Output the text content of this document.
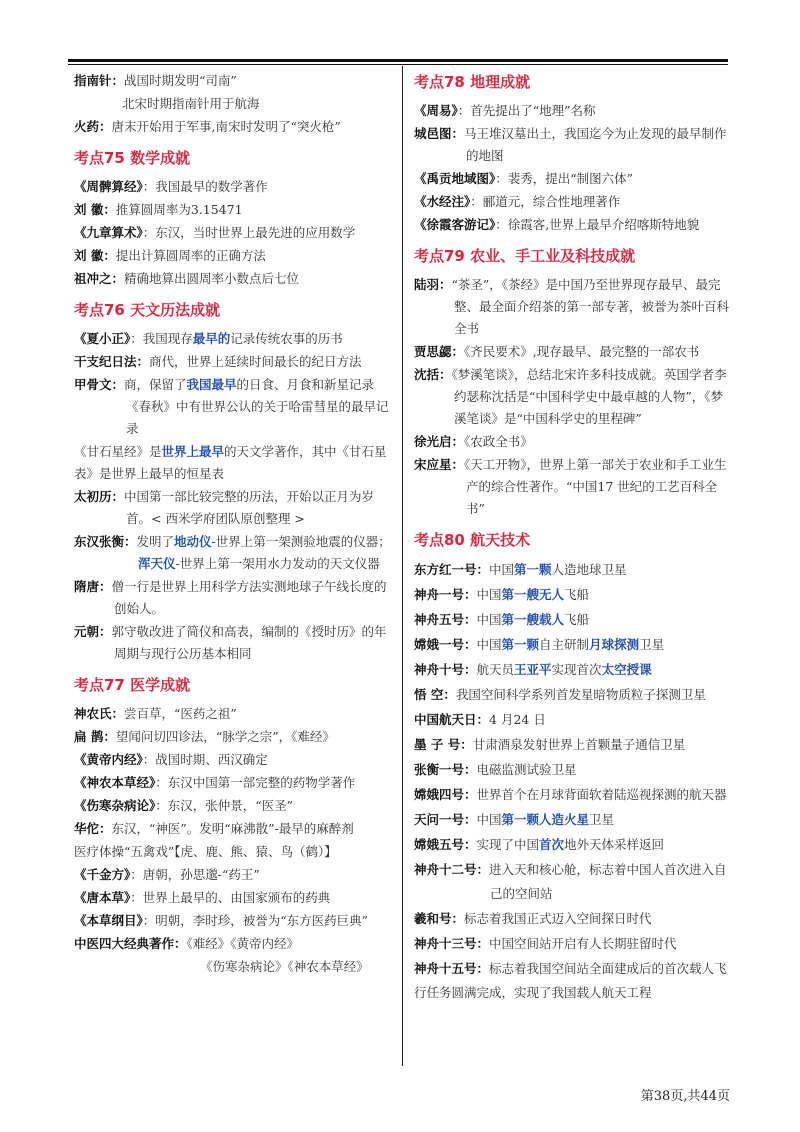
指南针：战国时期发明“司南”
北宋时期指南针用于航海
火药：唐末开始用于军事,南宋时发明了“突火枪”
考点75 数学成就
《周髀算经》：我国最早的数学著作
刘 徽：推算圆周率为3.15471
《九章算术》：东汉，当时世界上最先进的应用数学
刘 徽：提出计算圆周率的正确方法
祖冲之：精确地算出圆周率小数点后七位
考点76 天文历法成就
《夏小正》：我国现存最早的记录传统农事的历书
干支纪日法：商代，世界上延续时间最长的纪日方法
甲骨文：商，保留了我国最早的日食、月食和新星记录《春秋》中有世界公认的关于哈雷彗星的最早记录
《甘石星经》是世界上最早的天文学著作，其中《甘石星表》是世界上最早的恒星表
太初历：中国第一部比较完整的历法，开始以正月为岁首。< 西米学府团队原创整理 >
东汉张衡：发明了地动仪-世界上第一架测验地震的仪器；浑天仪-世界上第一架用水力发动的天文仪器
隋唐：僧一行是世界上用科学方法实测地球子午线长度的创始人。
元朝：郭守敬改进了简仪和高表，编制的《授时历》的年周期与现行公历基本相同
考点77 医学成就
神农氏：尝百草，“医药之祖”
扁 鹊：望闻问切四诊法，“脉学之宗”，《难经》
《黄帝内经》：战国时期、西汉确定
《神农本草经》：东汉中国第一部完整的药物学著作
《伤寒杂病论》：东汉，张仲景，“医圣”
华佗：东汉，“神医”。发明“麻沸散”-最早的麻醉剂
医疗体操“五禽戏”【虎、鹿、熊、猿、鸟（鹤）】
《千金方》：唐朝，孙思邈-“药王”
《唐本草》：世界上最早的、由国家颁布的药典
《本草纲目》：明朝，李时珍，被誉为“东方医药巨典”
中医四大经典著作：《难经》《黄帝内经》
《伤寒杂病论》《神农本草经》
考点78 地理成就
《周易》：首先提出了“地理”名称
城邑图：马王堆汉墓出土，我国迄今为止发现的最早制作的地图
《禹贡地域图》：裴秀，提出“制图六体”
《水经注》：郦道元，综合性地理著作
《徐霞客游记》：徐霞客,世界上最早介绍喀斯特地貌
考点79 农业、手工业及科技成就
陆羽：“茶圣”，《茶经》是中国乃至世界现存最早、最完整、最全面介绍茶的第一部专著，被誉为茶叶百科全书
贾思勰：《齐民要术》,现存最早、最完整的一部农书
沈括：《梦溪笔谈》，总结北宋许多科技成就。英国学者李约瑟称沈括是“中国科学史中最卓越的人物”，《梦溪笔谈》是“中国科学史的里程碑”
徐光启：《农政全书》
宋应星：《天工开物》，世界上第一部关于农业和手工业生产的综合性著作。“中国17 世纪的工艺百科全书”
考点80 航天技术
东方红一号：中国第一颗人造地球卫星
神舟一号：中国第一艘无人飞船
神舟五号：中国第一艘载人飞船
嫦娥一号：中国第一颗自主研制月球探测卫星
神舟十号：航天员王亚平实现首次太空授课
悟 空：我国空间科学系列首发星暗物质粒子探测卫星
中国航天日：4 月24 日
墨 子 号：甘肃酒泉发射世界上首颗量子通信卫星
张衡一号：电磁监测试验卫星
嫦娥四号：世界首个在月球背面软着陆巡视探测的航天器
天问一号：中国第一颗人造火星卫星
嫦娥五号：实现了中国首次地外天体采样返回
神舟十二号：进入天和核心舱，标志着中国人首次进入自己的空间站
羲和号：标志着我国正式迈入空间探日时代
神舟十三号：中国空间站开启有人长期驻留时代
神舟十五号：标志着我国空间站全面建成后的首次载人飞行任务圆满完成，实现了我国载人航天工程
第38页,共44页
